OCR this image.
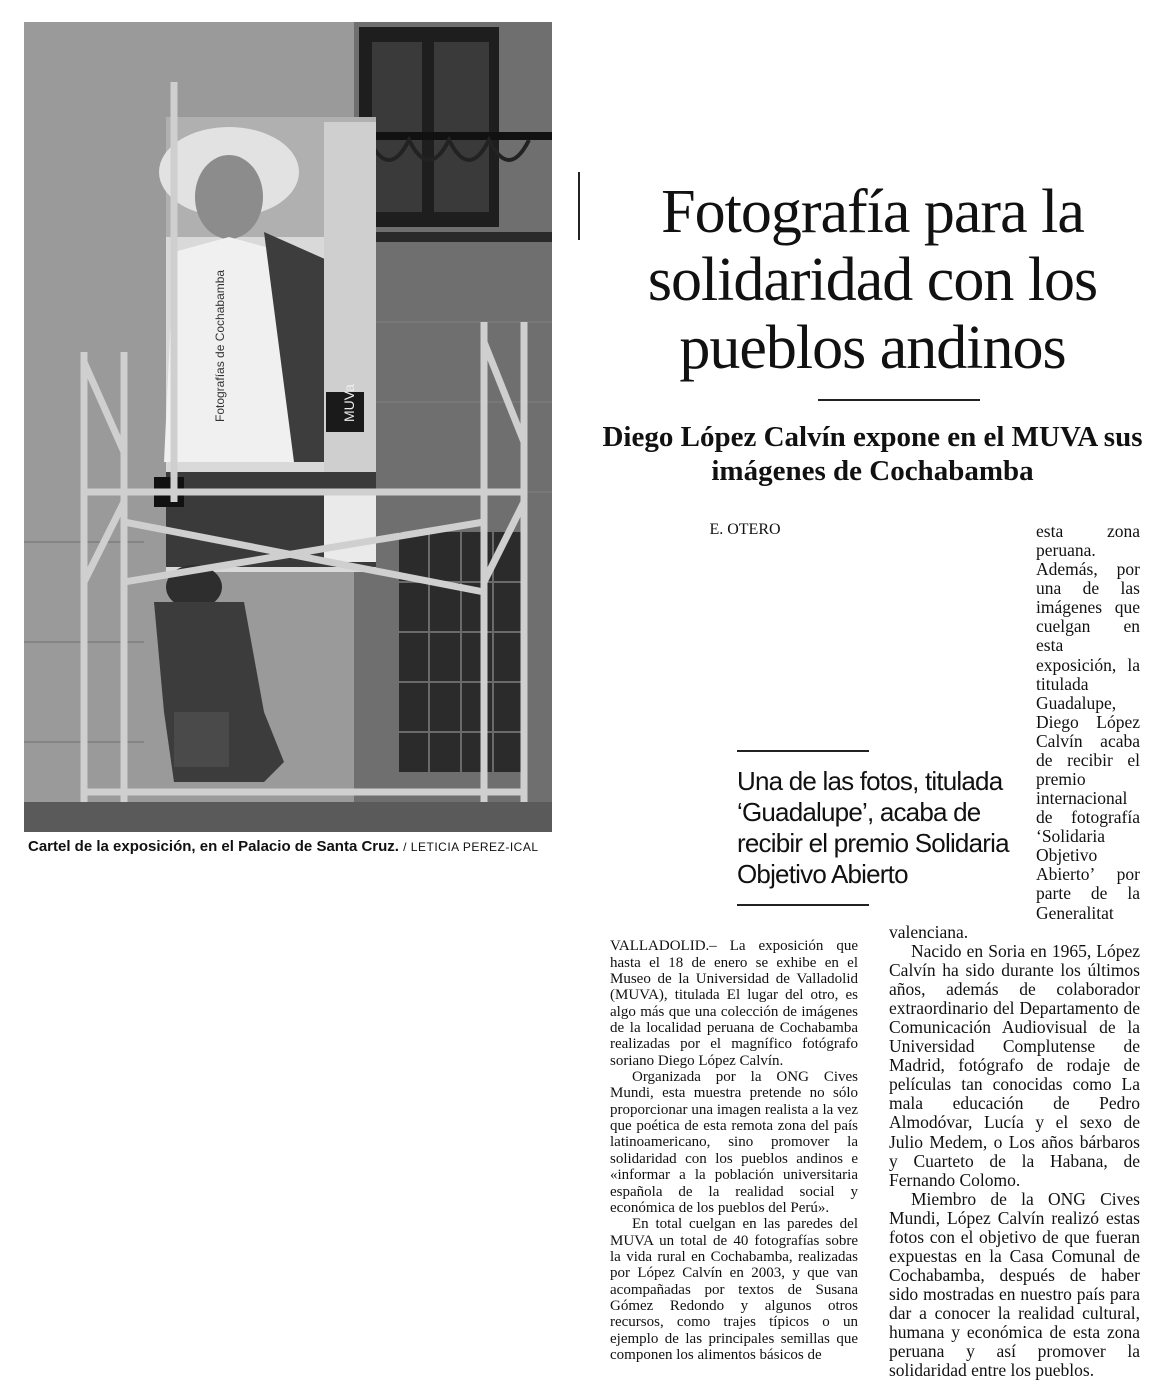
MUVa
Fotografías de Cochabamba
Cartel de la exposición, en el Palacio de Santa Cruz. / LETICIA PEREZ-ICAL
Fotografía para la solidaridad con los pueblos andinos
Diego López Calvín expone en el MUVA sus imágenes de Cochabamba

E. OTERO

VALLADOLID.– La exposición que hasta el 18 de enero se exhibe en el Museo de la Universidad de Valladolid (MUVA), titulada El lugar del otro, es algo más que una colección de imágenes de la localidad peruana de Cochabamba realizadas por el magnífico fotógrafo soriano Diego López Calvín.

Organizada por la ONG Cives Mundi, esta muestra pretende no sólo proporcionar una imagen realista a la vez que poética de esta remota zona del país latinoamericano, sino promover la solidaridad con los pueblos andinos e «informar a la población universitaria española de la realidad social y económica de los pueblos del Perú».

En total cuelgan en las paredes del MUVA un total de 40 fotografías sobre la vida rural en Cochabamba, realizadas por López Calvín en 2003, y que van acompañadas por textos de Susana Gómez Redondo y algunos otros recursos, como trajes típicos o un ejemplo de las principales semillas que componen los alimentos básicos de

esta zona peruana. Además, por una de las imágenes que cuelgan en esta exposición, la titulada Guadalupe, Diego López Calvín acaba de recibir el premio internacional de fotografía ‘Solidaria Objetivo Abierto’ por parte de la Generalitat valenciana.

Nacido en Soria en 1965, López Calvín ha sido durante los últimos años, además de colaborador extraordinario del Departamento de Comunicación Audiovisual de la Universidad Complutense de Madrid, fotógrafo de rodaje de películas tan conocidas como La mala educación de Pedro Almodóvar, Lucía y el sexo de Julio Medem, o Los años bárbaros y Cuarteto de la Habana, de Fernando Colomo.

Miembro de la ONG Cives Mundi, López Calvín realizó estas fotos con el objetivo de que fueran expuestas en la Casa Comunal de Cochabamba, después de haber sido mostradas en nuestro país para dar a conocer la realidad cultural, humana y económica de esta zona peruana y así promover la solidaridad entre los pueblos.

Una de las fotos, titulada ‘Guadalupe’, acaba de recibir el premio Solidaria Objetivo Abierto
